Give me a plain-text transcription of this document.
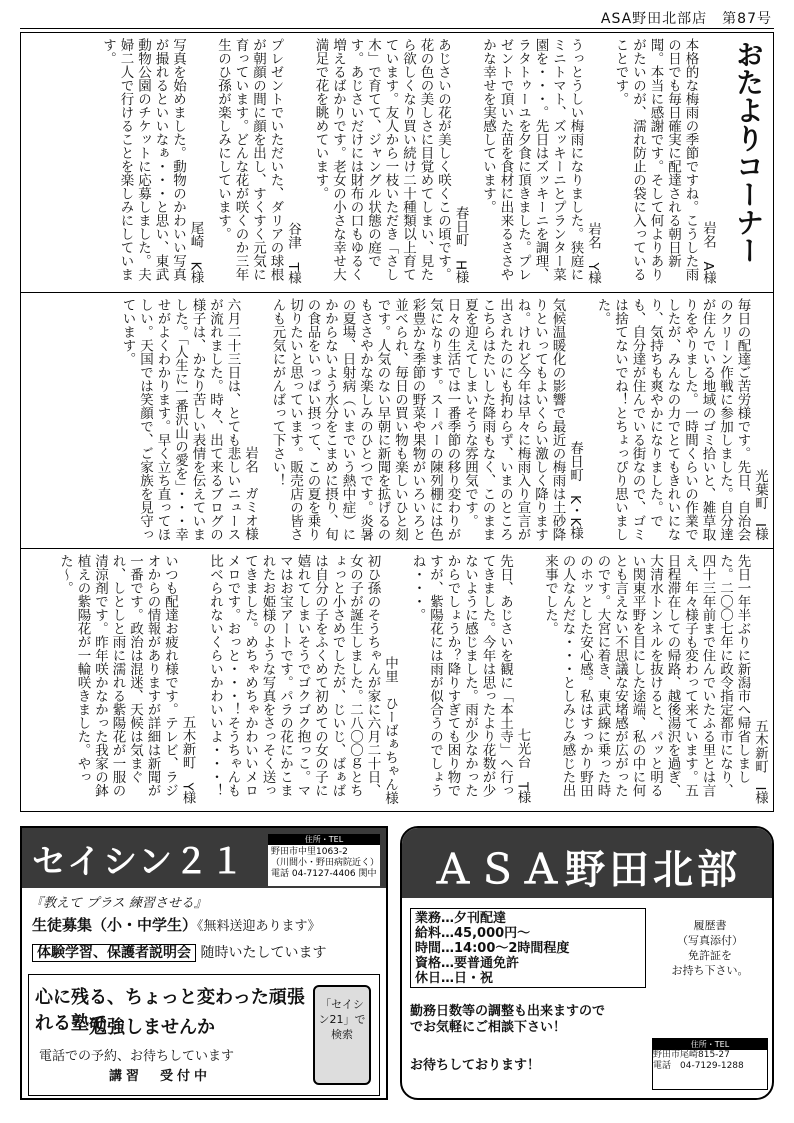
ASA野田北部店　第87号
おたよりコーナー
岩名　A様

本格的な梅雨の季節ですね。こうした雨の日でも毎日確実に配達される朝日新聞。本当に感謝です。そして何よりありがたいのが、濡れ防止の袋に入っていることです。

岩名　Y様

うっとうしい梅雨になりました。狭庭にミニトマト、ズッキーニとプランター菜園を・・・。先日はズッキーニを調理、ラタトゥーユを夕食に頂きました。プレゼントで頂いた苗を食材に出来るささやかな幸せを実感しています。

春日町　H様

あじさいの花が美しく咲くこの頃です。花の色の美しさに目覚めてしまい、見たら欲しくなり買い続け二十種類以上育てています。友人から一枝いただき「さし木」で育てて、ジャングル状態の庭です。あじさいだけには財布の口もゆるく増えるばかりです。老女の小さな幸せ大満足で花を眺めています。

谷津　T様

プレゼントでいただいた、ダリアの球根が朝顔の間に顔を出し、すくすく元気に育っています。どんな花が咲くのか三年生のひ孫が楽しみにしています。

尾崎　K様

写真を始めました。動物のかわいい写真が撮れるといいなぁ・・・と思い、東武動物公園のチケットに応募しました。夫婦二人で行けることを楽しみにしています。

光葉町　I様

毎日の配達ご苦労様です。先日、自治会のクリーン作戦に参加しました。自分達が住んでいる地域のゴミ拾いと、雑草取りをやりました。一時間くらいの作業でしたが、みんなの力でとてもきれいになり、気持ちも爽やかになりました。でも、自分達が住んでいる街なので、ゴミは捨てないでね！とちょっぴり思いました。

春日町　K・K様

気候温暖化の影響で最近の梅雨は土砂降りといってもよいくらい激しく降りますね。けれど今年は早々に梅雨入り宣言が出されたのにも拘わらず、いまのところこちらはたいした降雨もなく、このまま夏を迎えてしまいそうな雰囲気です。日々の生活では一番季節の移り変わりが気になります。スーパーの陳列棚には色彩豊かな季節の野菜や果物がいろいろと並べられ、毎日の買い物も楽しいひと刻です。人気のない早朝に新聞を拡げるのもささやかな楽しみのひとつです。炎暑の夏場、日射病（いまでいう熱中症）にかからないよう水分をこまめに摂り、旬の食品をいっぱい摂って、この夏を乗り切りたいと思っています。販売店の皆さんも元気にがんばって下さい！

岩名　ガミオ様

六月二十三日は、とても悲しいニュースが流れました。時々、出て来るブログの様子は、かなり苦しい表情を伝えていました。「人生に一番沢山の愛を」・・・幸せがよくわかります。早く立ち直ってほしい。天国では笑顔で、ご家族を見守っています。

五木新町　I様

先日一年半ぶりに新潟市へ帰省しました。二〇〇七年に政令指定都市になり、四十三年前まで住んでいたふる里とは言え、年々様子も変わって来ています。五日程滞在しての帰路、越後湯沢を過ぎ、大清水トンネルを抜けると、パッと明るい関東平野を目にした途端、私の中に何とも言えない不思議な安堵感が広がったのです。大宮に着き、東武線に乗った時のホッとした安心感。私はすっかり野田の人なんだな・・・としみじみ感じた出来事でした。

七光台　T様

先日、あじさいを観に「本土寺」へ行ってきました。今年は思ったより花数が少ないように感じました。雨が少なかったからでしょうか？降りすぎても困り物ですが、紫陽花には雨が似合うのでしょうね・・・。

中里　ひーばぁちゃん様

初ひ孫のそうちゃんが家に六月二十日、女の子が誕生しました。二八〇〇ｇとちょっと小さめでしたが、じいじ、ばぁばは自分の子をふくめて初めての女の子に嬉れてしまいそうでゴクゴク抱っこ。ママはお宝アートです。パラの花にかこまれたお姫様のような写真をさっそく送ってきました。めちゃめちゃかわいいメロメロです。おっと・・・！そうちゃんも比べられないくらいかわいいよ・・・！

五木新町　Y様

いつも配達お疲れ様です。テレビ、ラジオからの情報がありますが詳細は新聞が一番です。政治は混迷、天候は気まぐれ、しとしと雨に濡れる紫陽花が一服の清涼剤です。昨年咲かなかった我家の鉢植えの紫陽花が一輪咲きました。やった〜。

セイシン２１
住所・TEL
野田市中里1063-2
（川間小・野田病院近く）
電話 04-7127-4406 関中
『教えて プラス 練習させる』
生徒募集（小・中学生）《無料送迎あります》
体験学習、保護者説明会 随時いたしています
心に残る、ちょっと変わった頑張れる塾で
勉強しませんか
電話での予約、お待ちしています
講習　受付中
「セイシン21」で検索
ＡＳＡ野田北部
業務…夕刊配達
給料…45,000円〜
時間…14:00〜2時間程度
資格…要普通免許
休日…日・祝
履歴書
（写真添付）
免許証を
お持ち下さい。
勤務日数等の調整も出来ますので
でお気軽にご相談下さい！
お待ちしております！
住所・TEL
野田市尾崎815-27
電話　04-7129-1288
